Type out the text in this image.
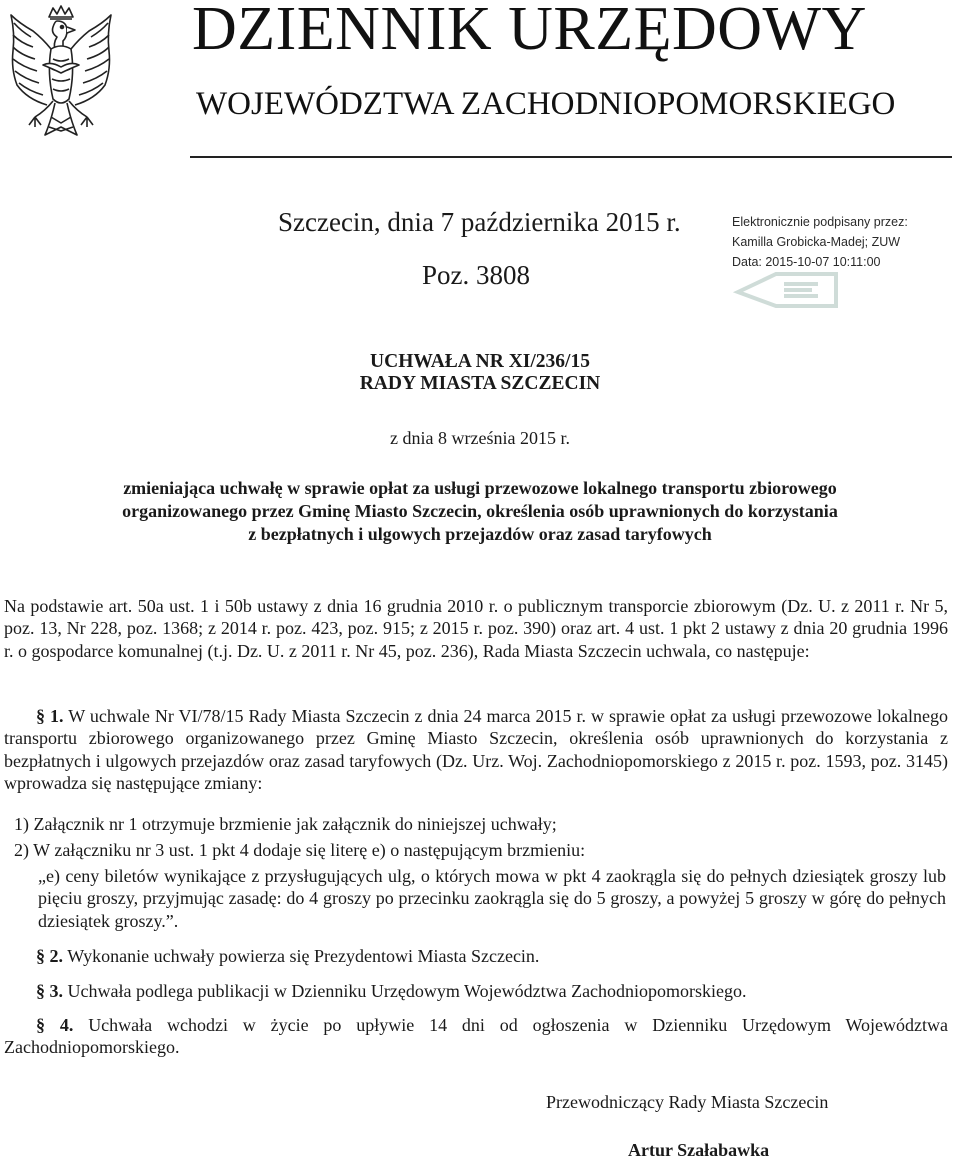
DZIENNIK URZĘDOWY
WOJEWÓDZTWA ZACHODNIOPOMORSKIEGO
Szczecin, dnia 7 października 2015 r.
Poz. 3808
Elektronicznie podpisany przez:
Kamilla Grobicka-Madej; ZUW
Data: 2015-10-07 10:11:00
UCHWAŁA NR XI/236/15
RADY MIASTA SZCZECIN
z dnia 8 września 2015 r.
zmieniająca uchwałę w sprawie opłat za usługi przewozowe lokalnego transportu zbiorowego
organizowanego przez Gminę Miasto Szczecin, określenia osób uprawnionych do korzystania
z bezpłatnych i ulgowych przejazdów oraz zasad taryfowych
Na podstawie art. 50a ust. 1 i 50b ustawy z dnia 16 grudnia 2010 r. o publicznym transporcie zbiorowym (Dz. U. z 2011 r. Nr 5, poz. 13, Nr 228, poz. 1368; z 2014 r. poz. 423, poz. 915; z 2015 r. poz. 390) oraz art. 4 ust. 1 pkt 2 ustawy z dnia 20 grudnia 1996 r. o gospodarce komunalnej (t.j. Dz. U. z 2011 r. Nr 45, poz. 236), Rada Miasta Szczecin uchwala, co następuje:
§ 1. W uchwale Nr VI/78/15 Rady Miasta Szczecin z dnia 24 marca 2015 r. w sprawie opłat za usługi przewozowe lokalnego transportu zbiorowego organizowanego przez Gminę Miasto Szczecin, określenia osób uprawnionych do korzystania z bezpłatnych i ulgowych przejazdów oraz zasad taryfowych (Dz. Urz. Woj. Zachodniopomorskiego z 2015 r. poz. 1593, poz. 3145) wprowadza się następujące zmiany:
1) Załącznik nr 1 otrzymuje brzmienie jak załącznik do niniejszej uchwały;
2) W załączniku nr 3 ust. 1 pkt 4 dodaje się literę e) o następującym brzmieniu:
„e) ceny biletów wynikające z przysługujących ulg, o których mowa w pkt 4 zaokrągla się do pełnych dziesiątek groszy lub pięciu groszy, przyjmując zasadę: do 4 groszy po przecinku zaokrągla się do 5 groszy, a powyżej 5 groszy w górę do pełnych dziesiątek groszy.”.
§ 2. Wykonanie uchwały powierza się Prezydentowi Miasta Szczecin.
§ 3. Uchwała podlega publikacji w Dzienniku Urzędowym Województwa Zachodniopomorskiego.
§ 4. Uchwała wchodzi w życie po upływie 14 dni od ogłoszenia w Dzienniku Urzędowym Województwa Zachodniopomorskiego.
Przewodniczący Rady Miasta Szczecin
Artur Szałabawka
